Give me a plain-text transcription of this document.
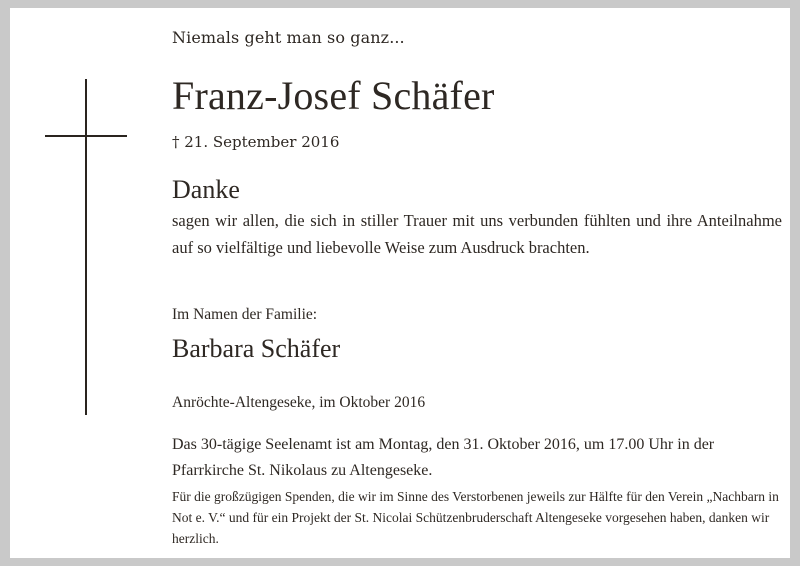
Niemals geht man so ganz...

Franz-Josef Schäfer

† 21. September 2016

Danke

sagen wir allen, die sich in stiller Trauer mit uns verbunden fühlten und ihre Anteilnahme auf so vielfältige und liebevolle Weise zum Ausdruck brachten.

Im Namen der Familie:

Barbara Schäfer

Anröchte-Altengeseke, im Oktober 2016

Das 30-tägige Seelenamt ist am Montag, den 31. Oktober 2016, um 17.00 Uhr in der Pfarrkirche St. Nikolaus zu Altengeseke.

Für die großzügigen Spenden, die wir im Sinne des Verstorbenen jeweils zur Hälfte für den Verein „Nachbarn in Not e. V.“ und für ein Projekt der St. Nicolai Schützenbruderschaft Altengeseke vorgesehen haben, danken wir herzlich.
